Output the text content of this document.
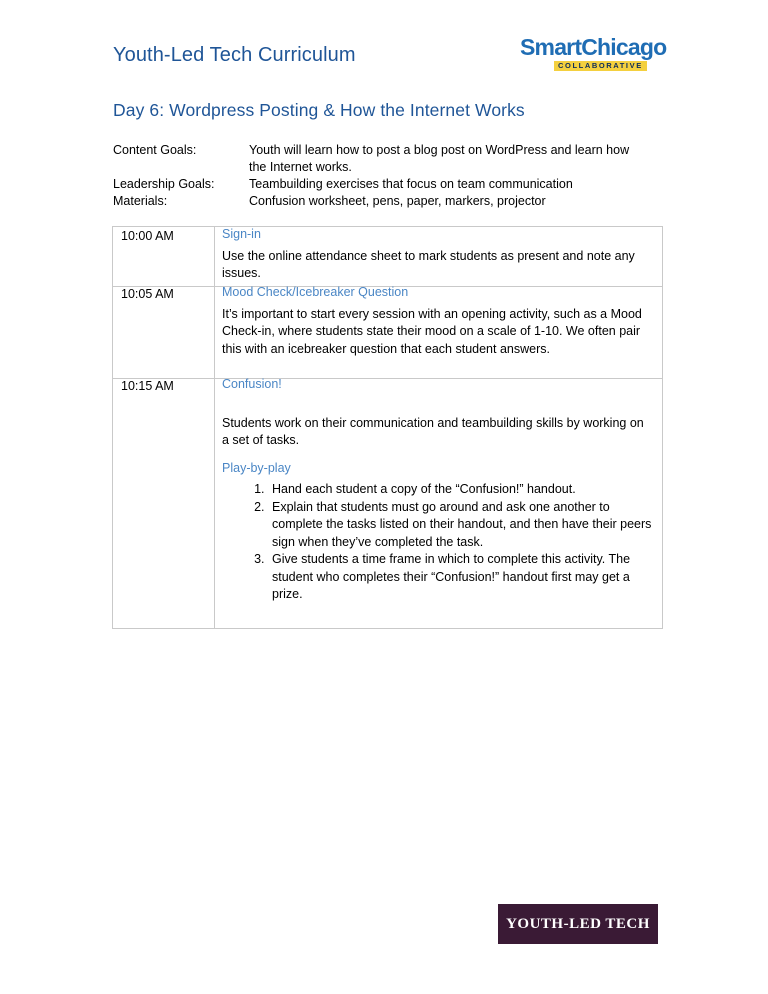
Youth-Led Tech Curriculum	SmartChicago
COLLABORATIVE
Day 6: Wordpress Posting & How the Internet Works
Content Goals:	Youth will learn how to post a blog post on WordPress and learn how the Internet works.
Leadership Goals:	Teambuilding exercises that focus on team communication
Materials:	Confusion worksheet, pens, paper, markers, projector
10:00 AM	Sign-in

Use the online attendance sheet to mark students as present and note any issues.

10:05 AM	Mood Check/Icebreaker Question

It’s important to start every session with an opening activity, such as a Mood Check-in, where students state their mood on a scale of 1-10. We often pair this with an icebreaker question that each student answers.

10:15 AM	Confusion!

Students work on their communication and teambuilding skills by working on a set of tasks.

Play-by-play
1. Hand each student a copy of the “Confusion!” handout.
2. Explain that students must go around and ask one another to complete the tasks listed on their handout, and then have their peers sign when they’ve completed the task.
3. Give students a time frame in which to complete this activity. The student who completes their “Confusion!” handout first may get a prize.
YOUTH-LED TECH
